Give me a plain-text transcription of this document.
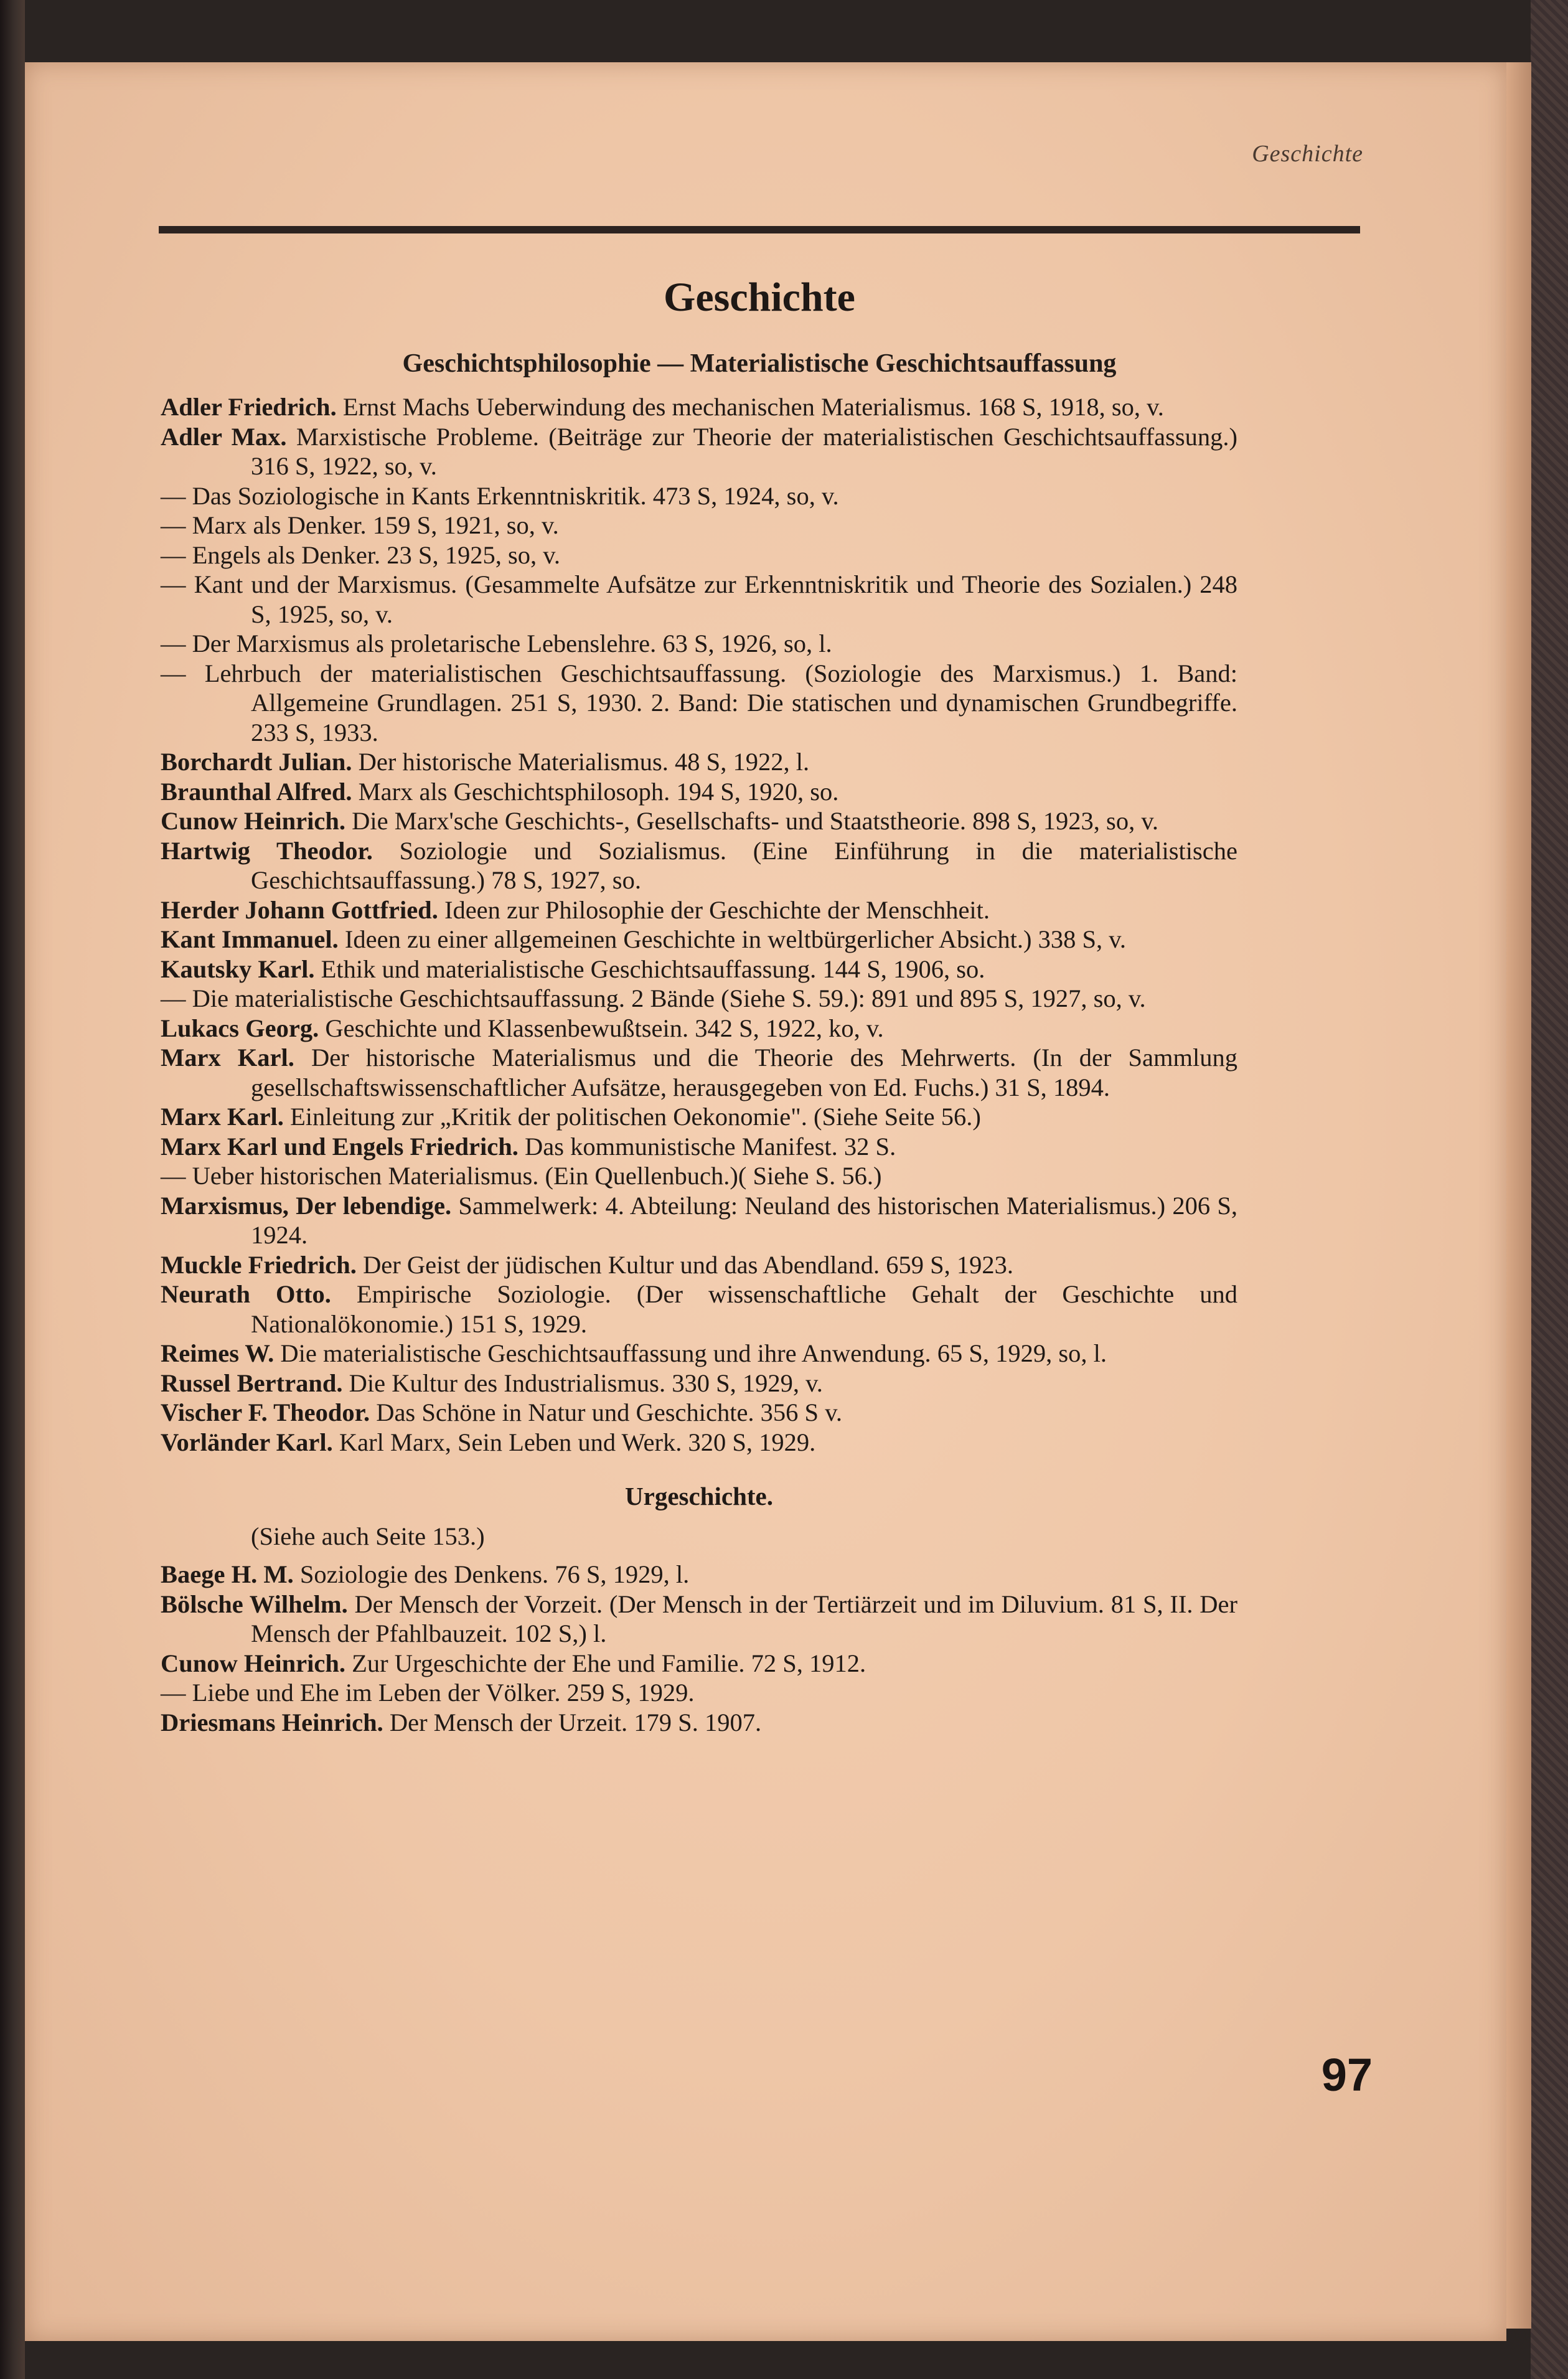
Geschichte
Geschichte
Geschichtsphilosophie — Materialistische Geschichtsauffassung
Adler Friedrich. Ernst Machs Ueberwindung des mechanischen Materialismus. 168 S, 1918, so, v.
Adler Max. Marxistische Probleme. (Beiträge zur Theorie der materialistischen Geschichtsauffassung.) 316 S, 1922, so, v.
— Das Soziologische in Kants Erkenntniskritik. 473 S, 1924, so, v.
— Marx als Denker. 159 S, 1921, so, v.
— Engels als Denker. 23 S, 1925, so, v.
— Kant und der Marxismus. (Gesammelte Aufsätze zur Erkenntniskritik und Theorie des Sozialen.) 248 S, 1925, so, v.
— Der Marxismus als proletarische Lebenslehre. 63 S, 1926, so, l.
— Lehrbuch der materialistischen Geschichtsauffassung. (Soziologie des Marxismus.) 1. Band: Allgemeine Grundlagen. 251 S, 1930. 2. Band: Die statischen und dynamischen Grundbegriffe. 233 S, 1933.
Borchardt Julian. Der historische Materialismus. 48 S, 1922, l.
Braunthal Alfred. Marx als Geschichtsphilosoph. 194 S, 1920, so.
Cunow Heinrich. Die Marx'sche Geschichts-, Gesellschafts- und Staatstheorie. 898 S, 1923, so, v.
Hartwig Theodor. Soziologie und Sozialismus. (Eine Einführung in die materialistische Geschichtsauffassung.) 78 S, 1927, so.
Herder Johann Gottfried. Ideen zur Philosophie der Geschichte der Menschheit.
Kant Immanuel. Ideen zu einer allgemeinen Geschichte in weltbürgerlicher Absicht.) 338 S, v.
Kautsky Karl. Ethik und materialistische Geschichtsauffassung. 144 S, 1906, so.
— Die materialistische Geschichtsauffassung. 2 Bände (Siehe S. 59.): 891 und 895 S, 1927, so, v.
Lukacs Georg. Geschichte und Klassenbewußtsein. 342 S, 1922, ko, v.
Marx Karl. Der historische Materialismus und die Theorie des Mehrwerts. (In der Sammlung gesellschaftswissenschaftlicher Aufsätze, herausgegeben von Ed. Fuchs.) 31 S, 1894.
Marx Karl. Einleitung zur „Kritik der politischen Oekonomie". (Siehe Seite 56.)
Marx Karl und Engels Friedrich. Das kommunistische Manifest. 32 S.
— Ueber historischen Materialismus. (Ein Quellenbuch.)( Siehe S. 56.)
Marxismus, Der lebendige. Sammelwerk: 4. Abteilung: Neuland des historischen Materialismus.) 206 S, 1924.
Muckle Friedrich. Der Geist der jüdischen Kultur und das Abendland. 659 S, 1923.
Neurath Otto. Empirische Soziologie. (Der wissenschaftliche Gehalt der Geschichte und Nationalökonomie.) 151 S, 1929.
Reimes W. Die materialistische Geschichtsauffassung und ihre Anwendung. 65 S, 1929, so, l.
Russel Bertrand. Die Kultur des Industrialismus. 330 S, 1929, v.
Vischer F. Theodor. Das Schöne in Natur und Geschichte. 356 S v.
Vorländer Karl. Karl Marx, Sein Leben und Werk. 320 S, 1929.
Urgeschichte.
(Siehe auch Seite 153.)
Baege H. M. Soziologie des Denkens. 76 S, 1929, l.
Bölsche Wilhelm. Der Mensch der Vorzeit. (Der Mensch in der Tertiärzeit und im Diluvium. 81 S, II. Der Mensch der Pfahlbauzeit. 102 S,) l.
Cunow Heinrich. Zur Urgeschichte der Ehe und Familie. 72 S, 1912.
— Liebe und Ehe im Leben der Völker. 259 S, 1929.
Driesmans Heinrich. Der Mensch der Urzeit. 179 S. 1907.
97
